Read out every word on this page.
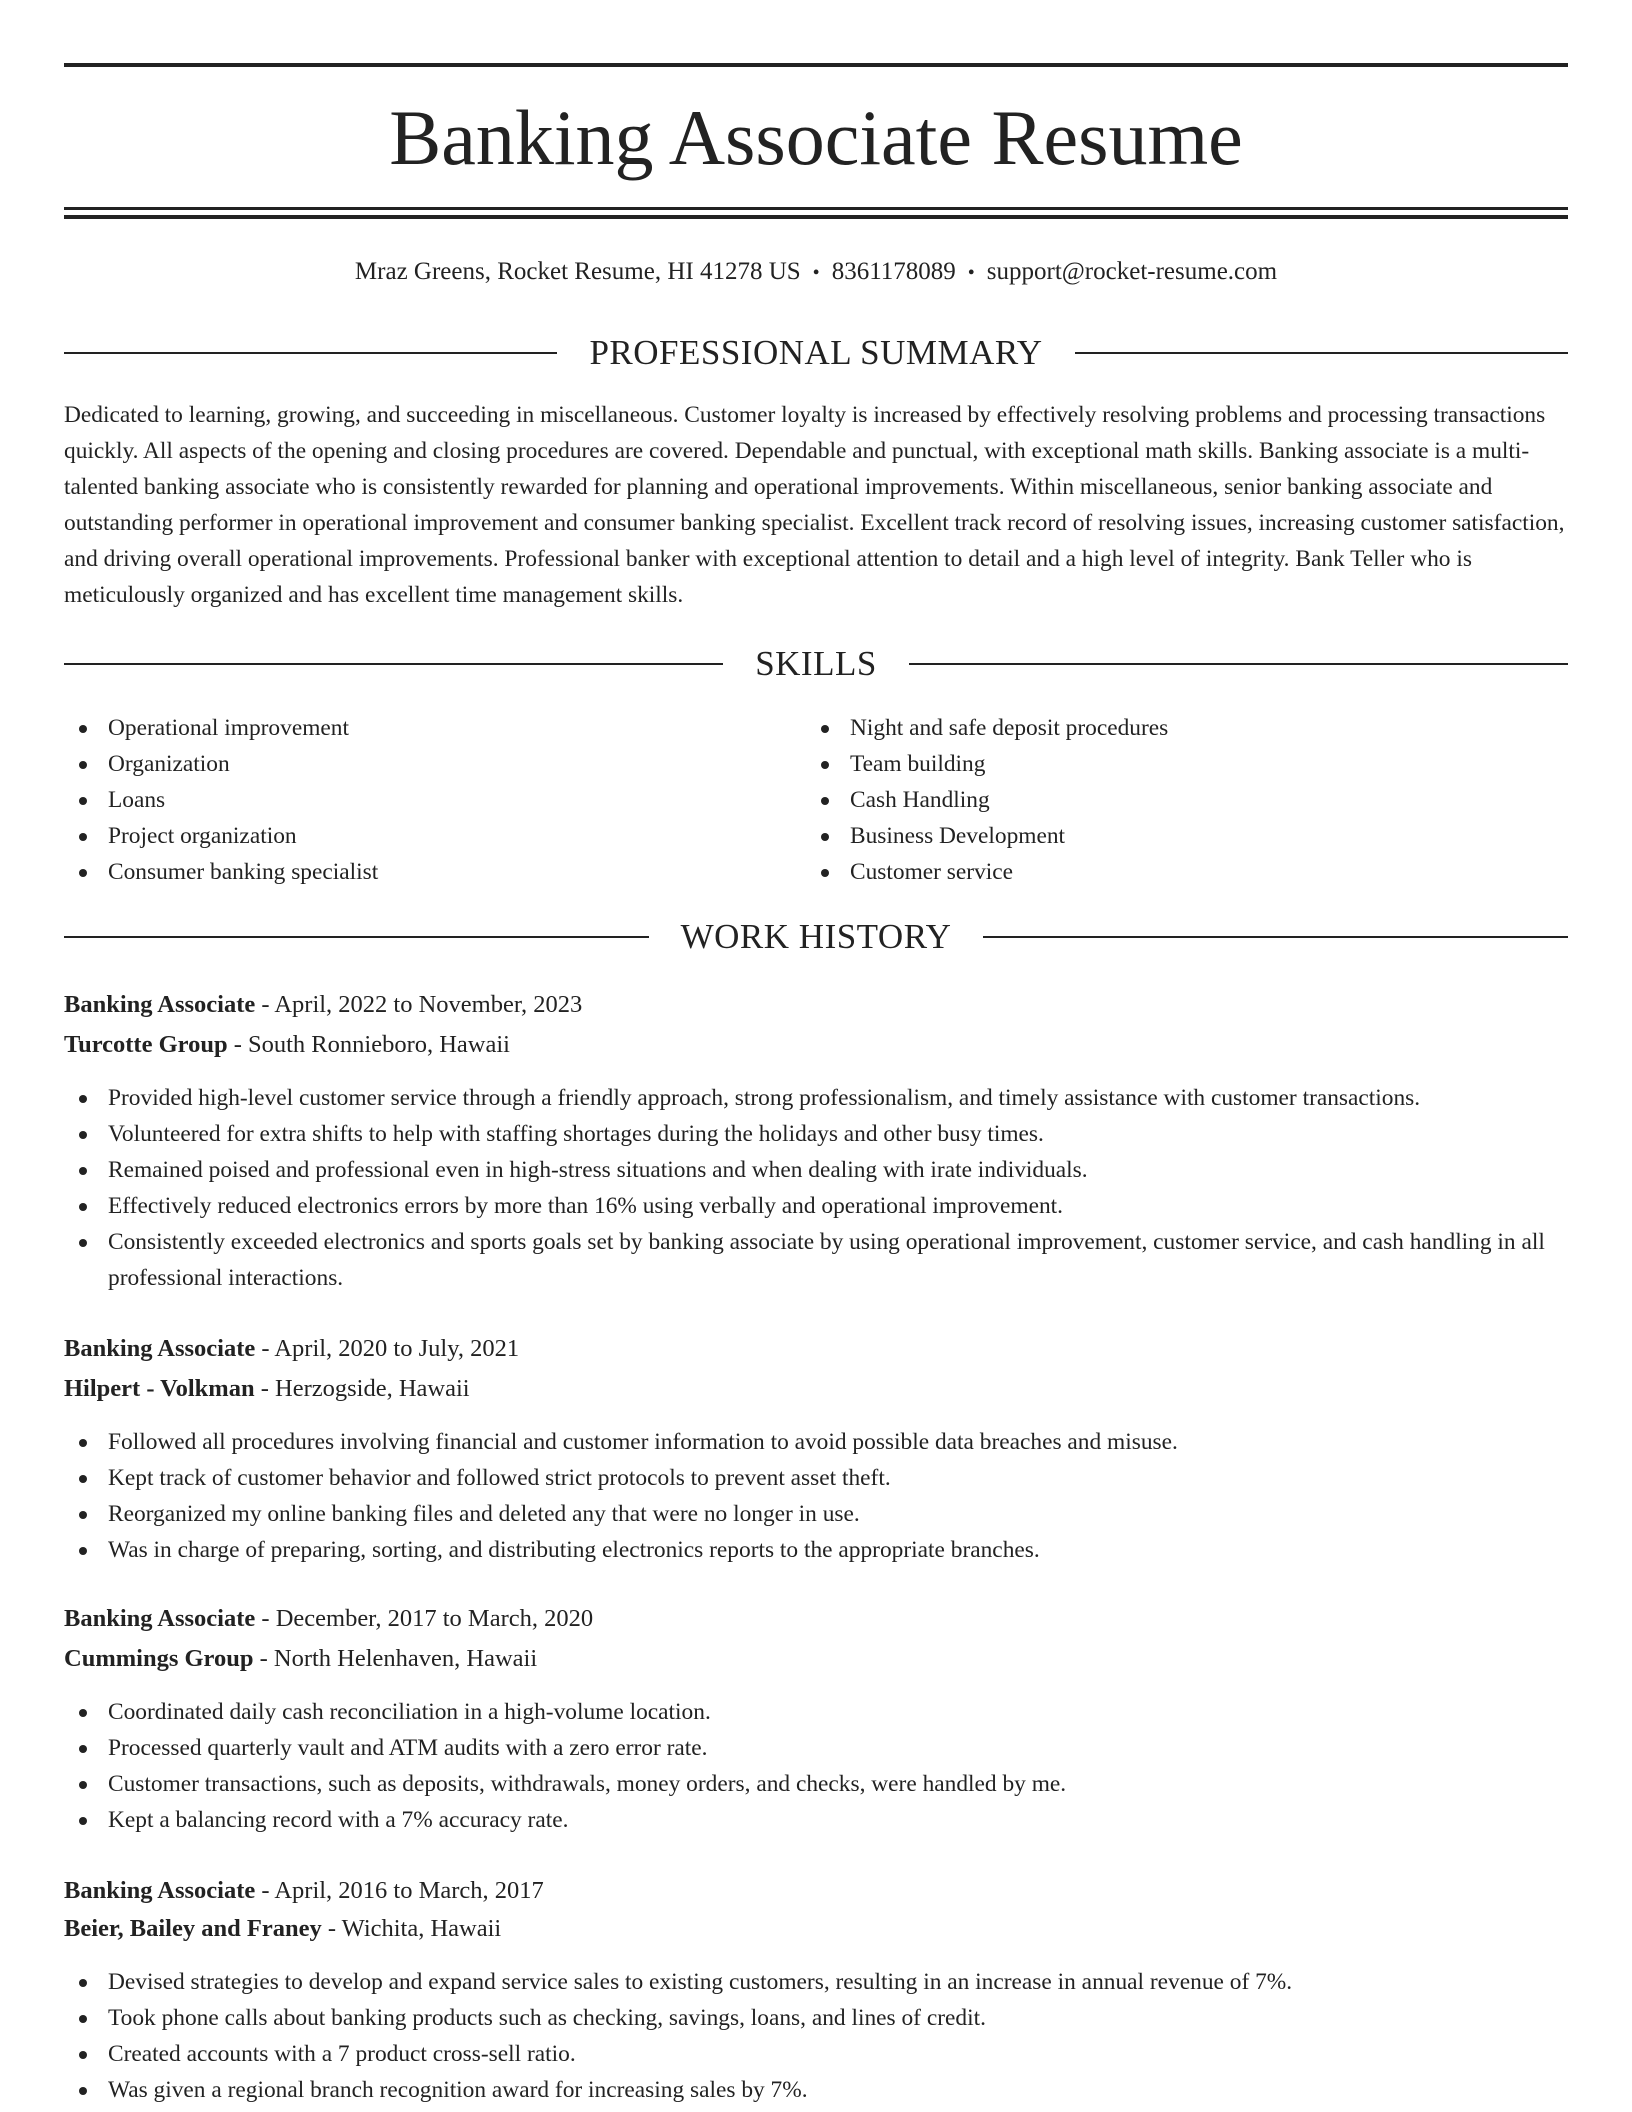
Banking Associate Resume
Mraz Greens, Rocket Resume, HI 41278 US • 8361178089 • support@rocket-resume.com
PROFESSIONAL SUMMARY

Dedicated to learning, growing, and succeeding in miscellaneous. Customer loyalty is increased by effectively resolving problems and processing transactions quickly. All aspects of the opening and closing procedures are covered. Dependable and punctual, with exceptional math skills. Banking associate is a multi-talented banking associate who is consistently rewarded for planning and operational improvements. Within miscellaneous, senior banking associate and outstanding performer in operational improvement and consumer banking specialist. Excellent track record of resolving issues, increasing customer satisfaction, and driving overall operational improvements. Professional banker with exceptional attention to detail and a high level of integrity. Bank Teller who is meticulously organized and has excellent time management skills.

SKILLS
Operational improvement
Organization
Loans
Project organization
Consumer banking specialist
Night and safe deposit procedures
Team building
Cash Handling
Business Development
Customer service
WORK HISTORY
Banking Associate - April, 2022 to November, 2023
Turcotte Group - South Ronnieboro, Hawaii
Provided high-level customer service through a friendly approach, strong professionalism, and timely assistance with customer transactions.
Volunteered for extra shifts to help with staffing shortages during the holidays and other busy times.
Remained poised and professional even in high-stress situations and when dealing with irate individuals.
Effectively reduced electronics errors by more than 16% using verbally and operational improvement.
Consistently exceeded electronics and sports goals set by banking associate by using operational improvement, customer service, and cash handling in all professional interactions.
Banking Associate - April, 2020 to July, 2021
Hilpert - Volkman - Herzogside, Hawaii
Followed all procedures involving financial and customer information to avoid possible data breaches and misuse.
Kept track of customer behavior and followed strict protocols to prevent asset theft.
Reorganized my online banking files and deleted any that were no longer in use.
Was in charge of preparing, sorting, and distributing electronics reports to the appropriate branches.
Banking Associate - December, 2017 to March, 2020
Cummings Group - North Helenhaven, Hawaii
Coordinated daily cash reconciliation in a high-volume location.
Processed quarterly vault and ATM audits with a zero error rate.
Customer transactions, such as deposits, withdrawals, money orders, and checks, were handled by me.
Kept a balancing record with a 7% accuracy rate.
Banking Associate - April, 2016 to March, 2017
Beier, Bailey and Franey - Wichita, Hawaii
Devised strategies to develop and expand service sales to existing customers, resulting in an increase in annual revenue of 7%.
Took phone calls about banking products such as checking, savings, loans, and lines of credit.
Created accounts with a 7 product cross-sell ratio.
Was given a regional branch recognition award for increasing sales by 7%.
